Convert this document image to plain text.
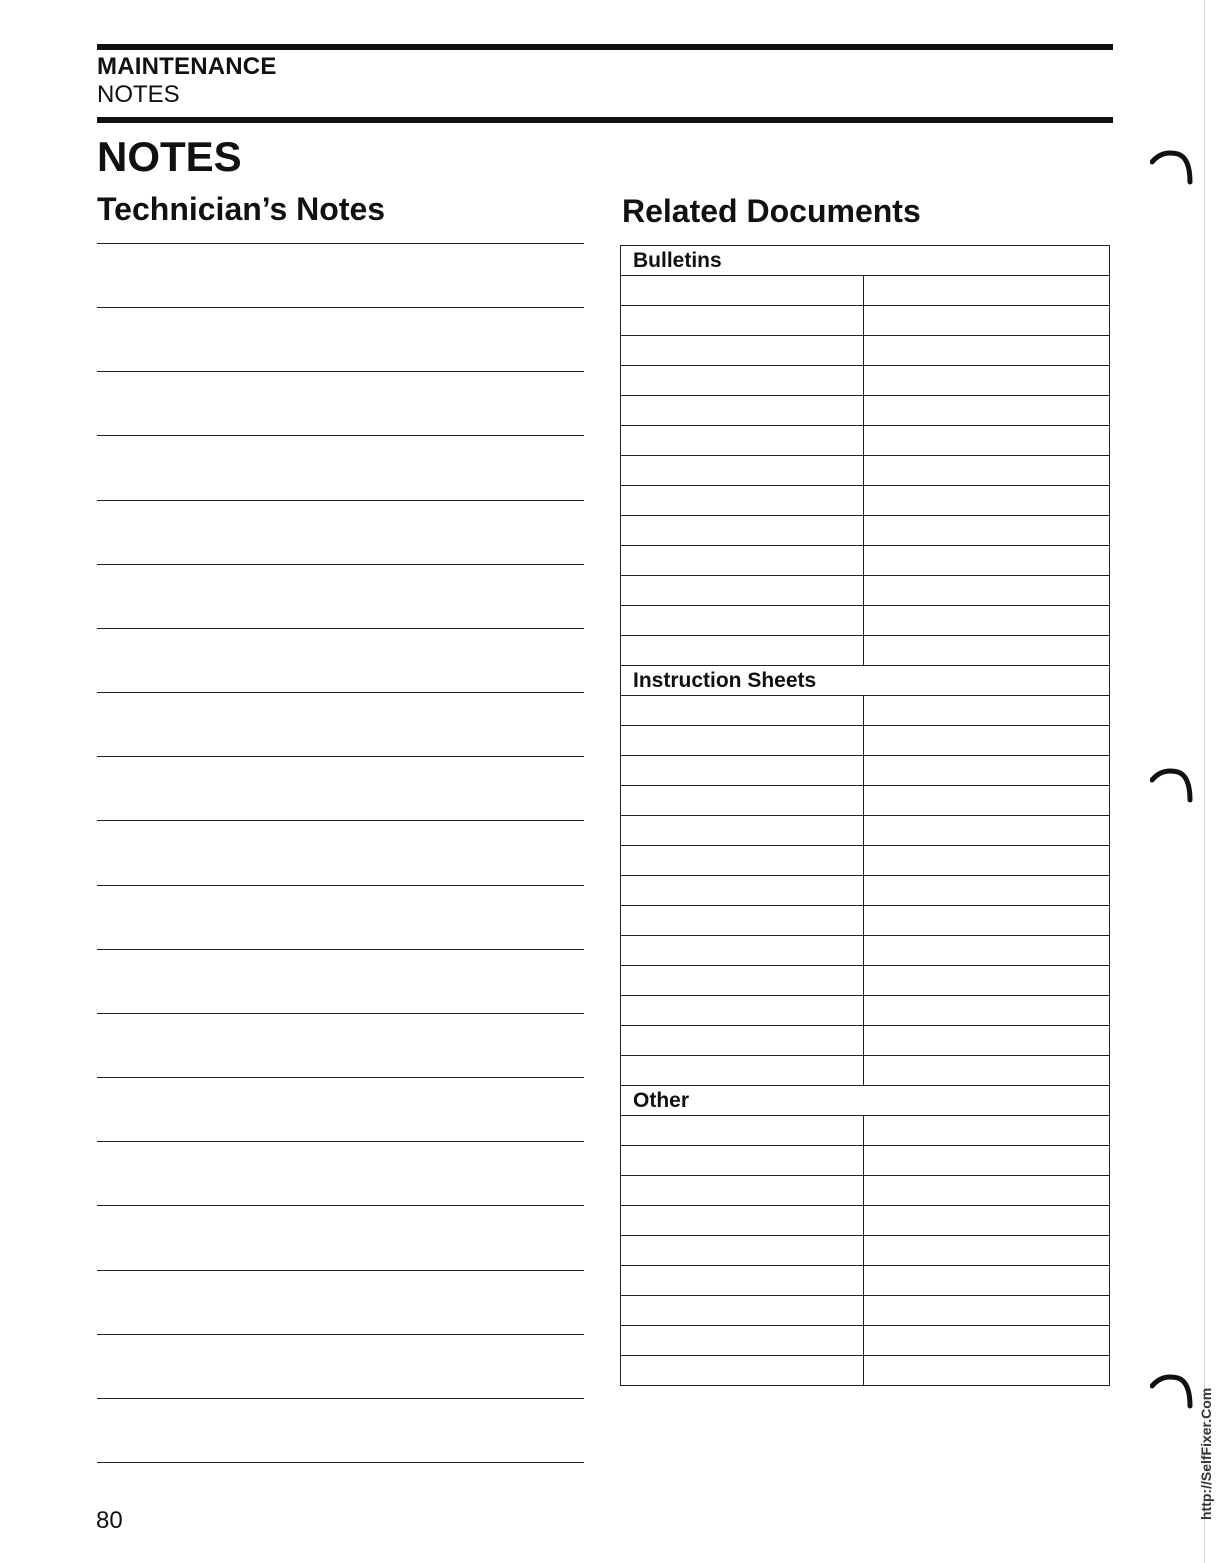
MAINTENANCE
NOTES
NOTES
Technician’s Notes	Related Documents
Bulletins	

Instruction Sheets	

Other	

80
http://SelfFixer.Com
